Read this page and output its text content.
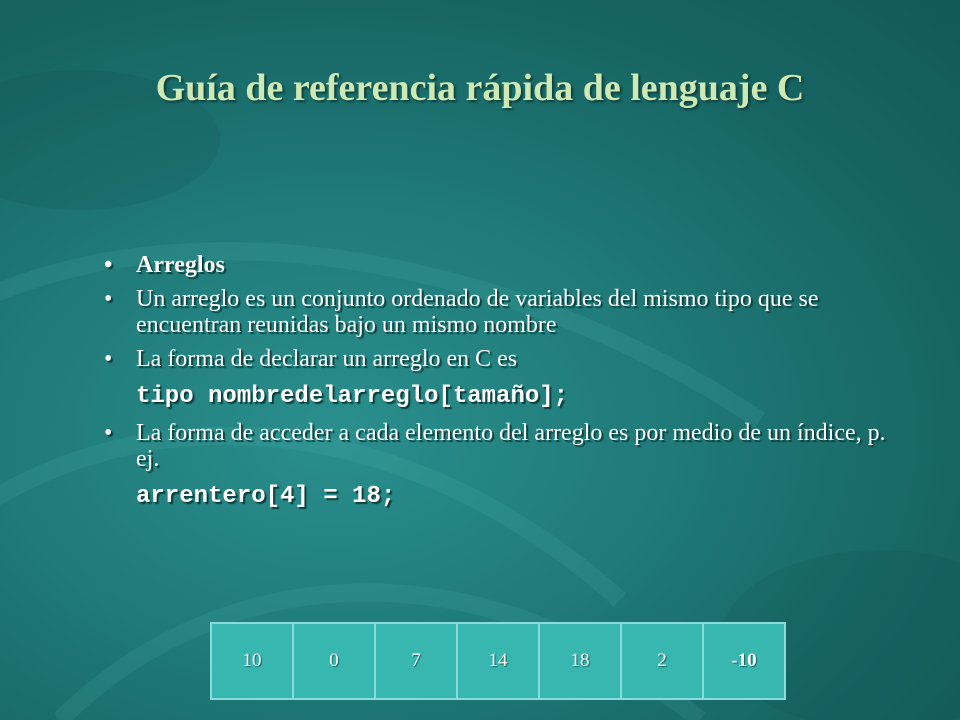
Guía de referencia rápida de lenguaje C
• Arreglos
• Un arreglo es un conjunto ordenado de variables del mismo tipo que se encuentran reunidas bajo un mismo nombre
• La forma de declarar un arreglo en C es
tipo nombredelarreglo[tamaño];
• La forma de acceder a cada elemento del arreglo es por medio de un índice, p. ej.
arrentero[4] = 18;
10	0	7	14	18	2	-10
